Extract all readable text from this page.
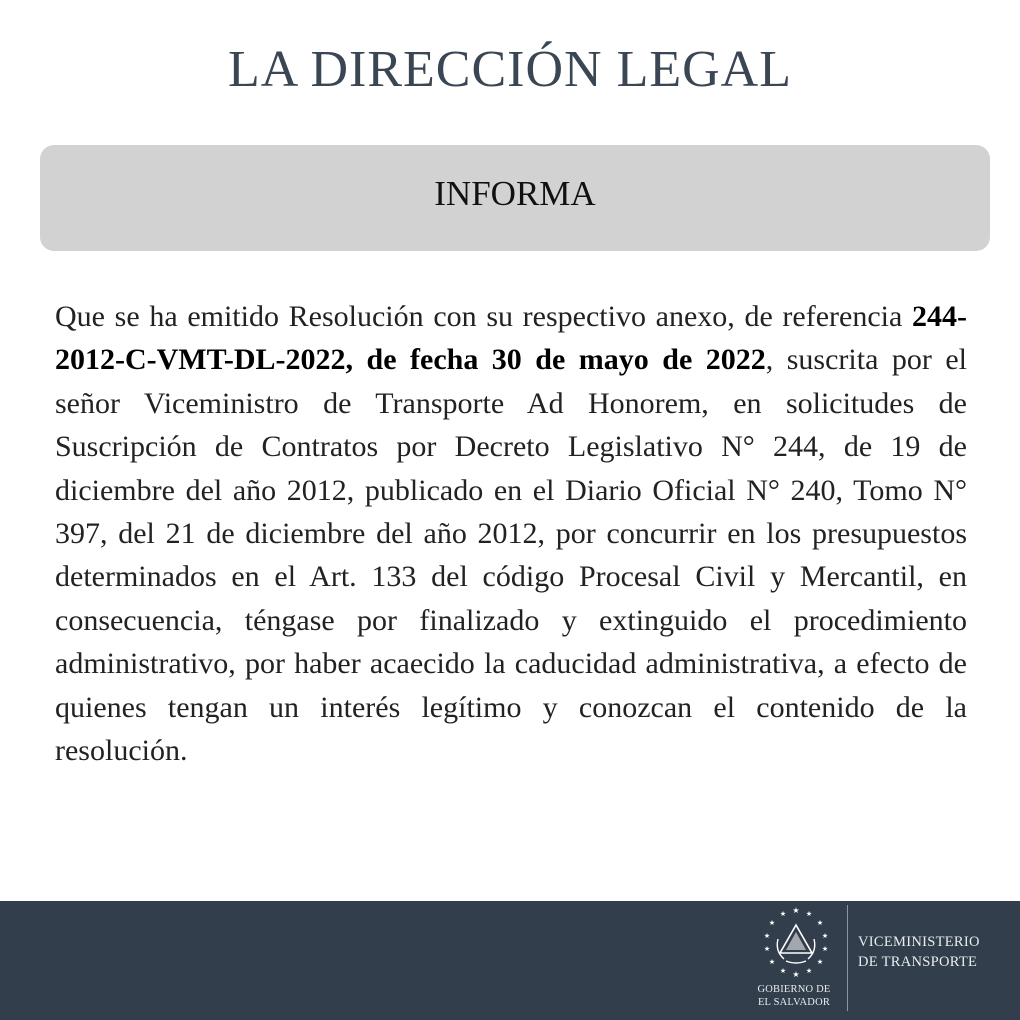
LA DIRECCIÓN LEGAL
INFORMA

Que se ha emitido Resolución con su respectivo anexo, de referencia 244-2012-C-VMT-DL-2022, de fecha 30 de mayo de 2022, suscrita por el señor Viceministro de Transporte Ad Honorem, en solicitudes de Suscripción de Contratos por Decreto Legislativo N° 244, de 19 de diciembre del año 2012, publicado en el Diario Oficial N° 240, Tomo N° 397, del 21 de diciembre del año 2012, por concurrir en los presupuestos determinados en el Art. 133 del código Procesal Civil y Mercantil, en consecuencia, téngase por finalizado y extinguido el procedimiento administrativo, por haber acaecido la caducidad administrativa, a efecto de quienes tengan un interés legítimo y conozcan el contenido de la resolución.

★
★	★
★	★
★	★
★	★
★	★
★	★
★
GOBIERNO DE
EL SALVADOR
VICEMINISTERIO
DE TRANSPORTE
